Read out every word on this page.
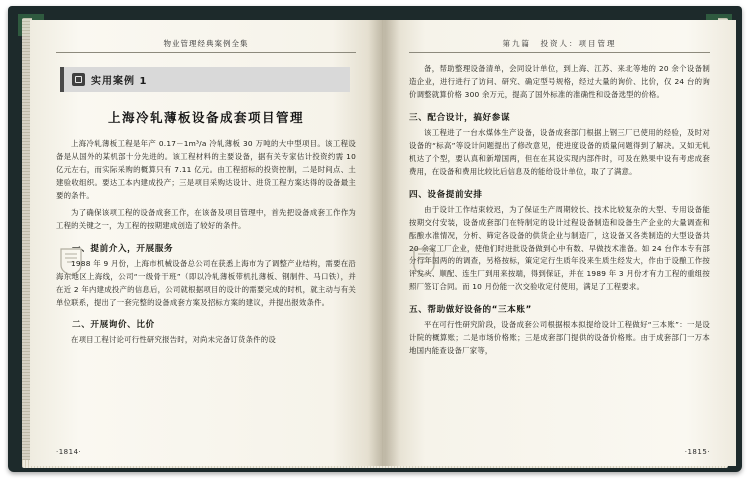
物业管理经典案例全集
实用案例 1
上海冷轧薄板设备成套项目管理

上海冷轧薄板工程是年产 0.17－1m³/a 冷轧薄板 30 万吨的大中型项目。该工程设备是从国外的某机部十分先进的。该工程材料的主要设备，据有关专家估计投资约需 10 亿元左右，而实际采购的概算只有 7.11 亿元。由工程招标的投资控制，二是时间点、土建验收组织。要达工本内建成投产；三是项目采购达设计、进货工程方案达得的设备最主要的条件。

为了确保该项工程的设备成套工作，在该备及项目管理中，首先把设备成套工作作为工程的关键之一，为工程的按期建成创造了较好的条件。

一、提前介入，开展服务

1988 年 9 月份，上海市机械设备总公司在获悉上海市为了调整产业结构，需要在沿海东地区上海线，公司“一级骨干班”（即以冷轧薄板带机扎薄板、钢制件、马口铁），并在近 2 年内建成投产的信息后，公司就根据项目的设计的需要完成的时机，就主动与有关单位联系，提出了一套完整的设备成套方案及招标方案的建议，并提出报效条件。

二、开展询价、比价

在项目工程讨论可行性研究报告时，对尚未完备订货条件的设

·1814·
第九篇　投资人：项目管理

备，帮助整理设备清单，会同设计单位，到上海、江苏、来北等地的 20 余个设备制造企业，进行进行了访问、研究、确定型号规格，经过大量的询价、比价，仅 24 台的询价调整就算价格 300 余万元，提高了国外标准的准确性和设备选型的价格。

三、配合设计，搞好参谋

该工程进了一台水煤体生产设备，设备成套部门根据上钢三厂已使用的经验，及时对设备的“标高”等设计问题提出了修改意见，使进度设备的质量问题得到了解决。又如无轧机达了个型，要认真和新增国两，但在在其设实现内部件时，可及在熟果中设有考虑成套费用，在设备和费用比较比后信息及的能给设计单位，取了了满意。

四、设备提前安排

由于设计工作结束较迟，为了保证生产周期较长、技术比较复杂的大型、专用设备能按期交付安装，设备成套部门在特制定的设计过程设备制造和设备生产企业的大量调查和酝酿水准情况，分析、筛定各设备的供货企业与制造厂，这设备又各类制造的大型设备共 20 余家工厂企业，使他们时进批设备做到心中有数、早做技术准备。如 24 台作本专有部分行年国两的的调查，另格按标，策定定行生质年没来生质生经发大，作由于设酿工作按评发头、顺配、连生厂到用来按端，得到保证，并在 1989 年 3 月份才有力工程的重组按照厂签订合同。而 10 月份能一次交验收定付使用，满足了工程要求。

五、帮助做好设备的“三本账”

平在可行性研究阶段，设备成套公司根据根本拟提给设计工程做好“三本账”：一是设计院的概算账；二是市场价格账；三是成套部门提供的设备价格账。由于成套部门一万本地国内能查设备厂家等，

·1815·
